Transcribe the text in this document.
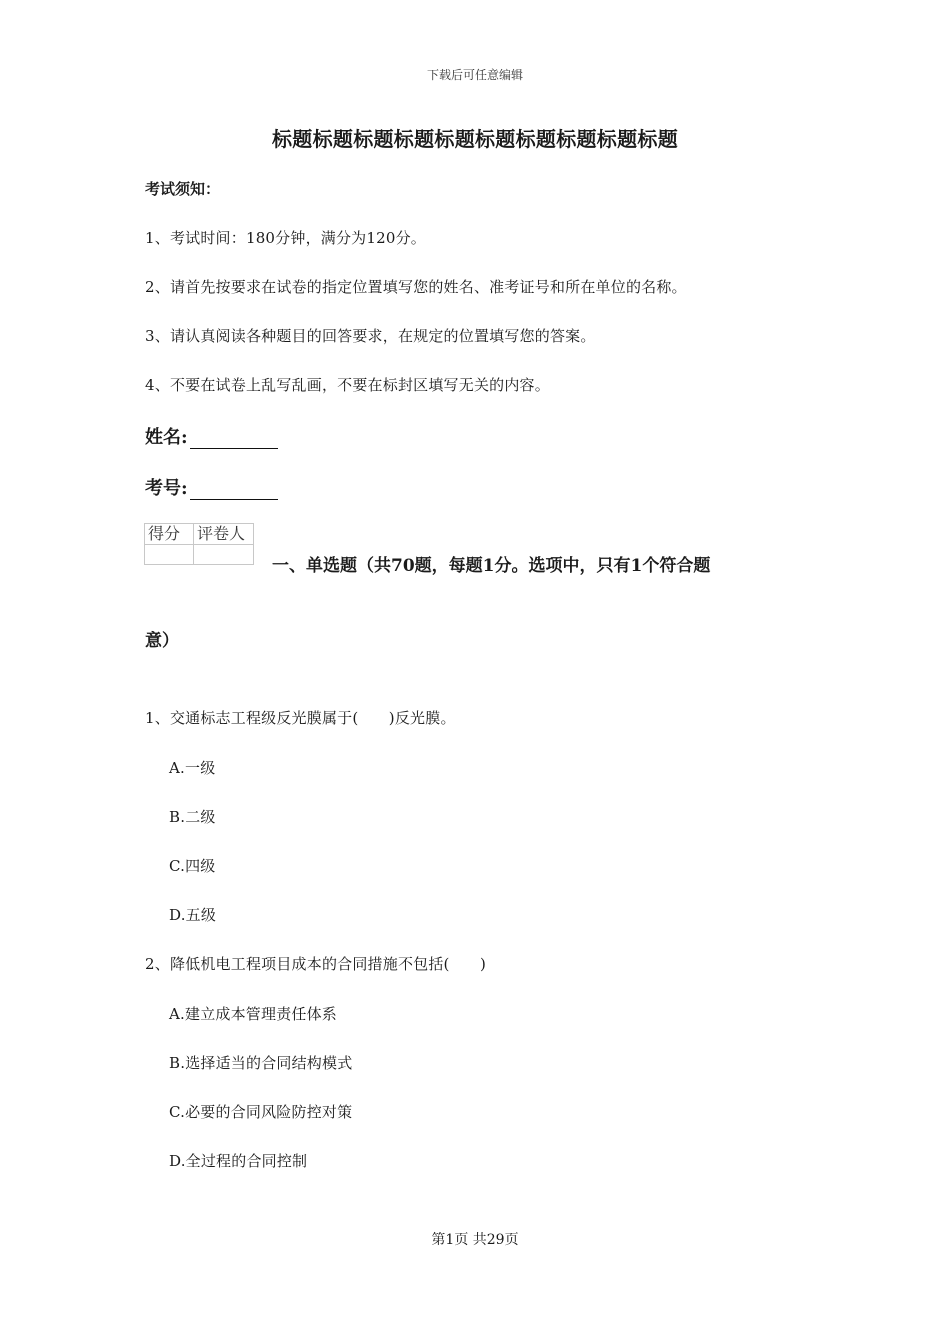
下载后可任意编辑
标题标题标题标题标题标题标题标题标题标题
考试须知：
1、考试时间：180分钟，满分为120分。
2、请首先按要求在试卷的指定位置填写您的姓名、准考证号和所在单位的名称。
3、请认真阅读各种题目的回答要求，在规定的位置填写您的答案。
4、不要在试卷上乱写乱画，不要在标封区填写无关的内容。
姓名:
考号:
得分	评卷人

一、单选题（共70题，每题1分。选项中，只有1个符合题
意）
1、交通标志工程级反光膜属于(　　)反光膜。
A.一级
B.二级
C.四级
D.五级
2、降低机电工程项目成本的合同措施不包括(　　)
A.建立成本管理责任体系
B.选择适当的合同结构模式
C.必要的合同风险防控对策
D.全过程的合同控制
第1页 共29页
